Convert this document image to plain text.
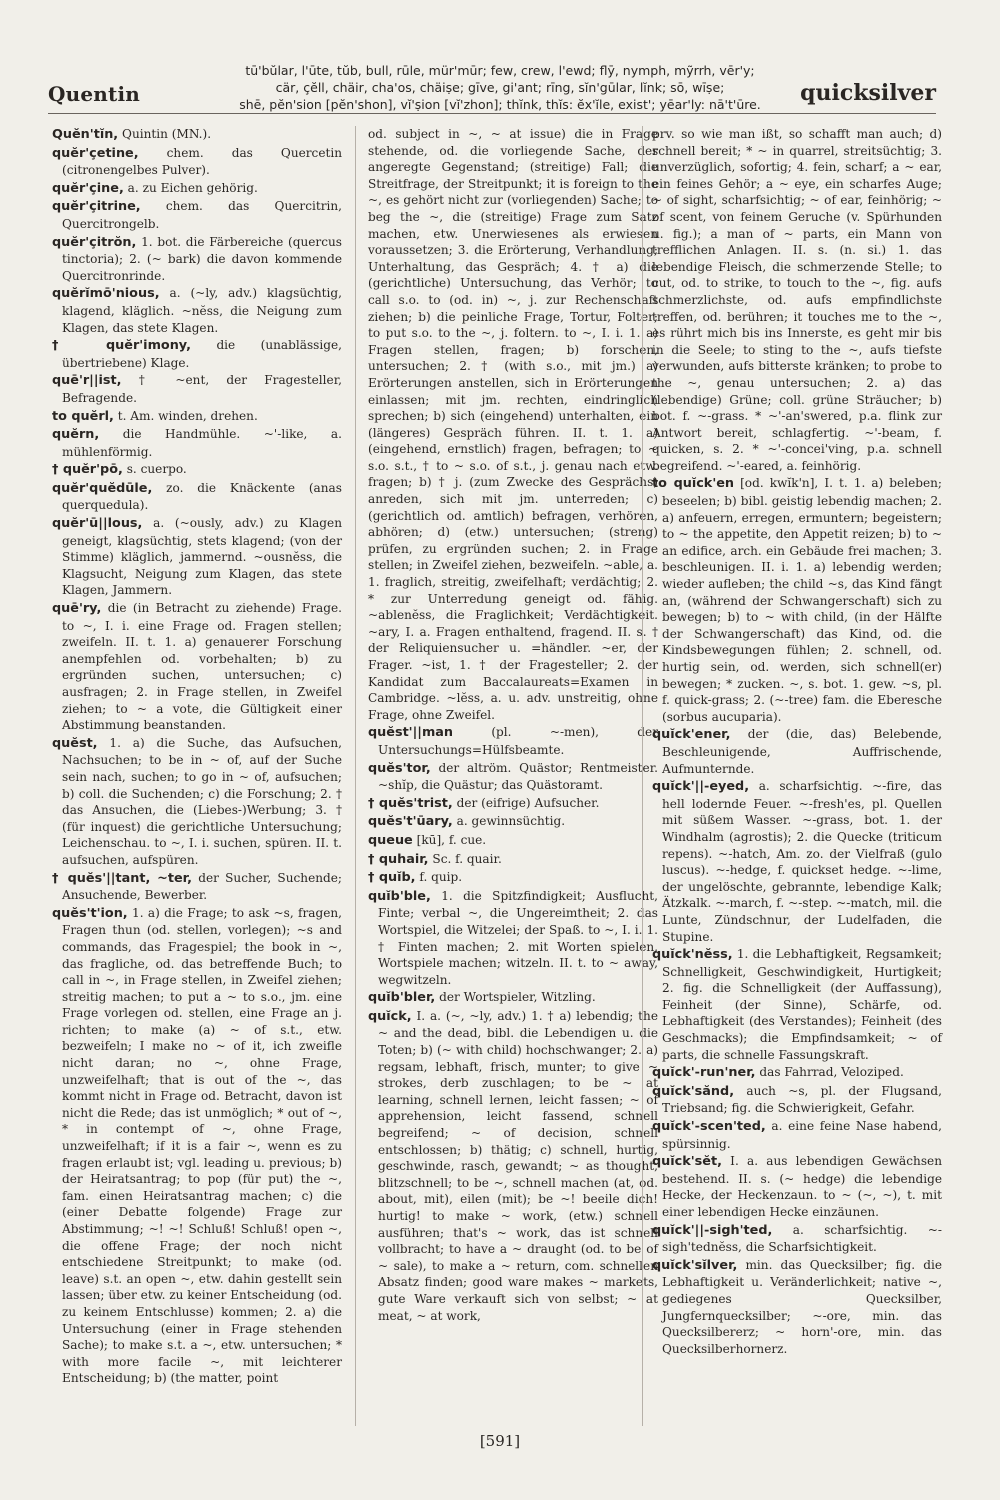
Quentin
tū'bŭlar, l'ūte, tŭb, bull, rūle, mür'mūr; few, crew, l'ewd; flȳ, nymph, mỹrrh, vēr'y;
cär, çĕll, chäir, cha'os, chäiṣe; gīve, gi'ant; rīng, sĭn'gūlar, lĭnk; sō, wīṣe;
shē, pĕn'sion [pĕn'shon], vĭ'ṣion [vĭ'zhon]; thĭnk, thĭs: ĕx'ĭle, exist'; yēar'ly: nā't'ūre.	quicksilver
Quĕn'tĭn, Quintin (MN.).
quĕr'çetine, chem. das Quercetin (citronengelbes Pulver).
quĕr'çine, a. zu Eichen gehörig.
quĕr'çitrine, chem. das Quercitrin, Quercitrongelb.
quĕr'çitrŏn, 1. bot. die Färbereiche (quercus tinctoria); 2. (~ bark) die davon kommende Quercitronrinde.
quĕrĭmō'nious, a. (~ly, adv.) klagsüchtig, klagend, kläglich. ~nĕss, die Neigung zum Klagen, das stete Klagen.
† quĕr'imony, die (unablässige, übertriebene) Klage.
quē'r||ist, † ~ent, der Fragesteller, Befragende.
to quĕrl, t. Am. winden, drehen.
quĕrn, die Handmühle. ~'-like, a. mühlenförmig.
† quĕr'pō, s. cuerpo.
quĕr'quĕdūle, zo. die Knäckente (anas querquedula).
quĕr'ū||lous, a. (~ously, adv.) zu Klagen geneigt, klagsüchtig, stets klagend; (von der Stimme) kläglich, jammernd. ~ousnĕss, die Klagsucht, Neigung zum Klagen, das stete Klagen, Jammern.
quē'ry, die (in Betracht zu ziehende) Frage. to ~, I. i. eine Frage od. Fragen stellen; zweifeln. II. t. 1. a) genauerer Forschung anempfehlen od. vorbehalten; b) zu ergründen suchen, untersuchen; c) ausfragen; 2. in Frage stellen, in Zweifel ziehen; to ~ a vote, die Gültigkeit einer Abstimmung beanstanden.
quĕst, 1. a) die Suche, das Aufsuchen, Nachsuchen; to be in ~ of, auf der Suche sein nach, suchen; to go in ~ of, aufsuchen; b) coll. die Suchenden; c) die Forschung; 2. † das Ansuchen, die (Liebes-)Werbung; 3. † (für inquest) die gerichtliche Untersuchung; Leichenschau. to ~, I. i. suchen, spüren. II. t. aufsuchen, aufspüren.
† quĕs'||tant, ~ter, der Sucher, Suchende; Ansuchende, Bewerber.
quĕs't'ion, 1. a) die Frage; to ask ~s, fragen, Fragen thun (od. stellen, vorlegen); ~s and commands, das Fragespiel; the book in ~, das fragliche, od. das betreffende Buch; to call in ~, in Frage stellen, in Zweifel ziehen; streitig machen; to put a ~ to s.o., jm. eine Frage vorlegen od. stellen, eine Frage an j. richten; to make (a) ~ of s.t., etw. bezweifeln; I make no ~ of it, ich zweifle nicht daran; no ~, ohne Frage, unzweifelhaft; that is out of the ~, das kommt nicht in Frage od. Betracht, davon ist nicht die Rede; das ist unmöglich; * out of ~, * in contempt of ~, ohne Frage, unzweifelhaft; if it is a fair ~, wenn es zu fragen erlaubt ist; vgl. leading u. previous; b) der Heiratsantrag; to pop (für put) the ~, fam. einen Heiratsantrag machen; c) die (einer Debatte folgende) Frage zur Abstimmung; ~! ~! Schluß! Schluß! open ~, die offene Frage; der noch nicht entschiedene Streitpunkt; to make (od. leave) s.t. an open ~, etw. dahin gestellt sein lassen; über etw. zu keiner Entscheidung (od. zu keinem Entschlusse) kommen; 2. a) die Untersuchung (einer in Frage stehenden Sache); to make s.t. a ~, etw. untersuchen; * with more facile ~, mit leichterer Entscheidung; b) (the matter, point
od. subject in ~, ~ at issue) die in Frage stehende, od. die vorliegende Sache, der angeregte Gegenstand; (streitige) Fall; die Streitfrage, der Streitpunkt; it is foreign to the ~, es gehört nicht zur (vorliegenden) Sache; to beg the ~, die (streitige) Frage zum Satz machen, etw. Unerwiesenes als erwiesen voraussetzen; 3. die Erörterung, Verhandlung; Unterhaltung, das Gespräch; 4. † a) die (gerichtliche) Untersuchung, das Verhör; to call s.o. to (od. in) ~, j. zur Rechenschaft ziehen; b) die peinliche Frage, Tortur, Folter; to put s.o. to the ~, j. foltern. to ~, I. i. 1. a) Fragen stellen, fragen; b) forschen, untersuchen; 2. † (with s.o., mit jm.) a) Erörterungen anstellen, sich in Erörterungen einlassen; mit jm. rechten, eindringlich sprechen; b) sich (eingehend) unterhalten, ein (längeres) Gespräch führen. II. t. 1. a) (eingehend, ernstlich) fragen, befragen; to ~ s.o. s.t., † to ~ s.o. of s.t., j. genau nach etw. fragen; b) † j. (zum Zwecke des Gesprächs) anreden, sich mit jm. unterreden; c) (gerichtlich od. amtlich) befragen, verhören, abhören; d) (etw.) untersuchen; (streng) prüfen, zu ergründen suchen; 2. in Frage stellen; in Zweifel ziehen, bezweifeln. ~able, a. 1. fraglich, streitig, zweifelhaft; verdächtig; 2. * zur Unterredung geneigt od. fähig. ~ablenĕss, die Fraglichkeit; Verdächtigkeit. ~ary, I. a. Fragen enthaltend, fragend. II. s. † der Reliquiensucher u. =händler. ~er, der Frager. ~ist, 1. † der Fragesteller; 2. der Kandidat zum Baccalaureats=Examen in Cambridge. ~lĕss, a. u. adv. unstreitig, ohne Frage, ohne Zweifel.
quĕst'||man	(pl. ~-men), der Untersuchungs=Hülfsbeamte.
quĕs'tor, der altröm. Quästor; Rentmeister. ~shĭp, die Quästur; das Quästoramt.
† quĕs'trist, der (eifrige) Aufsucher.
quĕs't'ūary, a. gewinnsüchtig.
queue [kū], f. cue.
† quhair, Sc. f. quair.
† quĭb, f. quip.
quĭb'ble, 1. die Spitzfindigkeit; Ausflucht, Finte; verbal ~, die Ungereimtheit; 2. das Wortspiel, die Witzelei; der Spaß. to ~, I. i. 1. † Finten machen; 2. mit Worten spielen, Wortspiele machen; witzeln. II. t. to ~ away, wegwitzeln.
quĭb'bler, der Wortspieler, Witzling.
quĭck, I. a. (~, ~ly, adv.) 1. † a) lebendig; the ~ and the dead, bibl. die Lebendigen u. die Toten; b) (~ with child) hochschwanger; 2. a) regsam, lebhaft, frisch, munter; to give ~ strokes, derb zuschlagen; to be ~ at learning, schnell lernen, leicht fassen; ~ of apprehension, leicht fassend, schnell begreifend; ~ of decision, schnell entschlossen; b) thätig; c) schnell, hurtig, geschwinde, rasch, gewandt; ~ as thought, blitzschnell; to be ~, schnell machen (at, od. about, mit), eilen (mit); be ~! beeile dich! hurtig! to make ~ work, (etw.) schnell ausführen; that's ~ work, das ist schnell vollbracht; to have a ~ draught (od. to be of ~ sale), to make a ~ return, com. schnellen Absatz finden; good ware makes ~ markets, gute Ware verkauft sich von selbst; ~ at meat, ~ at work,
prv. so wie man ißt, so schafft man auch; d) schnell bereit; * ~ in quarrel, streitsüchtig; 3. unverzüglich, sofortig; 4. fein, scharf; a ~ ear, ein feines Gehör; a ~ eye, ein scharfes Auge; ~ of sight, scharfsichtig; ~ of ear, feinhörig; ~ of scent, von feinem Geruche (v. Spürhunden u. fig.); a man of ~ parts, ein Mann von trefflichen Anlagen. II. s. (n. si.) 1. das lebendige Fleisch, die schmerzende Stelle; to cut, od. to strike, to touch to the ~, fig. aufs schmerzlichste, od. aufs empfindlichste treffen, od. berühren; it touches me to the ~, es rührt mich bis ins Innerste, es geht mir bis in die Seele; to sting to the ~, aufs tiefste verwunden, aufs bitterste kränken; to probe to the ~, genau untersuchen; 2. a) das (lebendige) Grüne; coll. grüne Sträucher; b) bot. f. ~-grass. * ~'-an'swered, p.a. flink zur Antwort bereit, schlagfertig. ~'-beam, f. quicken, s. 2. * ~'-concei'ving, p.a. schnell begreifend. ~'-eared, a. feinhörig.
to quĭck'en [od. kwĭk'n], I. t. 1. a) beleben; beseelen; b) bibl. geistig lebendig machen; 2. a) anfeuern, erregen, ermuntern; begeistern; to ~ the appetite, den Appetit reizen; b) to ~ an edifice, arch. ein Gebäude frei machen; 3. beschleunigen. II. i. 1. a) lebendig werden; wieder aufleben; the child ~s, das Kind fängt an, (während der Schwangerschaft) sich zu bewegen; b) to ~ with child, (in der Hälfte der Schwangerschaft) das Kind, od. die Kindsbewegungen fühlen; 2. schnell, od. hurtig sein, od. werden, sich schnell(er) bewegen; * zucken. ~, s. bot. 1. gew. ~s, pl. f. quick-grass; 2. (~-tree) fam. die Eberesche (sorbus aucuparia).
quĭck'ener, der (die, das) Belebende, Beschleunigende, Auffrischende, Aufmunternde.
quĭck'||-eyed, a. scharfsichtig. ~-fire, das hell lodernde Feuer. ~-fresh'es, pl. Quellen mit süßem Wasser. ~-grass, bot. 1. der Windhalm (agrostis); 2. die Quecke (triticum repens). ~-hatch, Am. zo. der Vielfraß (gulo luscus). ~-hedge, f. quickset hedge. ~-lime, der ungelöschte, gebrannte, lebendige Kalk; Ätzkalk. ~-march, f. ~-step. ~-match, mil. die Lunte, Zündschnur, der Ludelfaden, die Stupine.
quĭck'nĕss, 1. die Lebhaftigkeit, Regsamkeit; Schnelligkeit, Geschwindigkeit, Hurtigkeit; 2. fig. die Schnelligkeit (der Auffassung), Feinheit (der Sinne), Schärfe, od. Lebhaftigkeit (des Verstandes); Feinheit (des Geschmacks); die Empfindsamkeit; ~ of parts, die schnelle Fassungskraft.
quĭck'-run'ner, das Fahrrad, Veloziped.
quĭck'sănd, auch ~s, pl. der Flugsand, Triebsand; fig. die Schwierigkeit, Gefahr.
quĭck'-scen'ted, a. eine feine Nase habend, spürsinnig.
quĭck'sĕt, I. a. aus lebendigen Gewächsen bestehend. II. s. (~ hedge) die lebendige Hecke, der Heckenzaun. to ~ (~, ~), t. mit einer lebendigen Hecke einzäunen.
quĭck'||-sigh'ted, a. scharfsichtig. ~-sigh'tednĕss, die Scharfsichtigkeit.
quĭck'sĭlver, min. das Quecksilber; fig. die Lebhaftigkeit u. Veränderlichkeit; native ~, gediegenes Quecksilber, Jungfernquecksilber; ~-ore, min. das Quecksilbererz; ~ horn'-ore, min. das Quecksilberhornerz.
[591]
